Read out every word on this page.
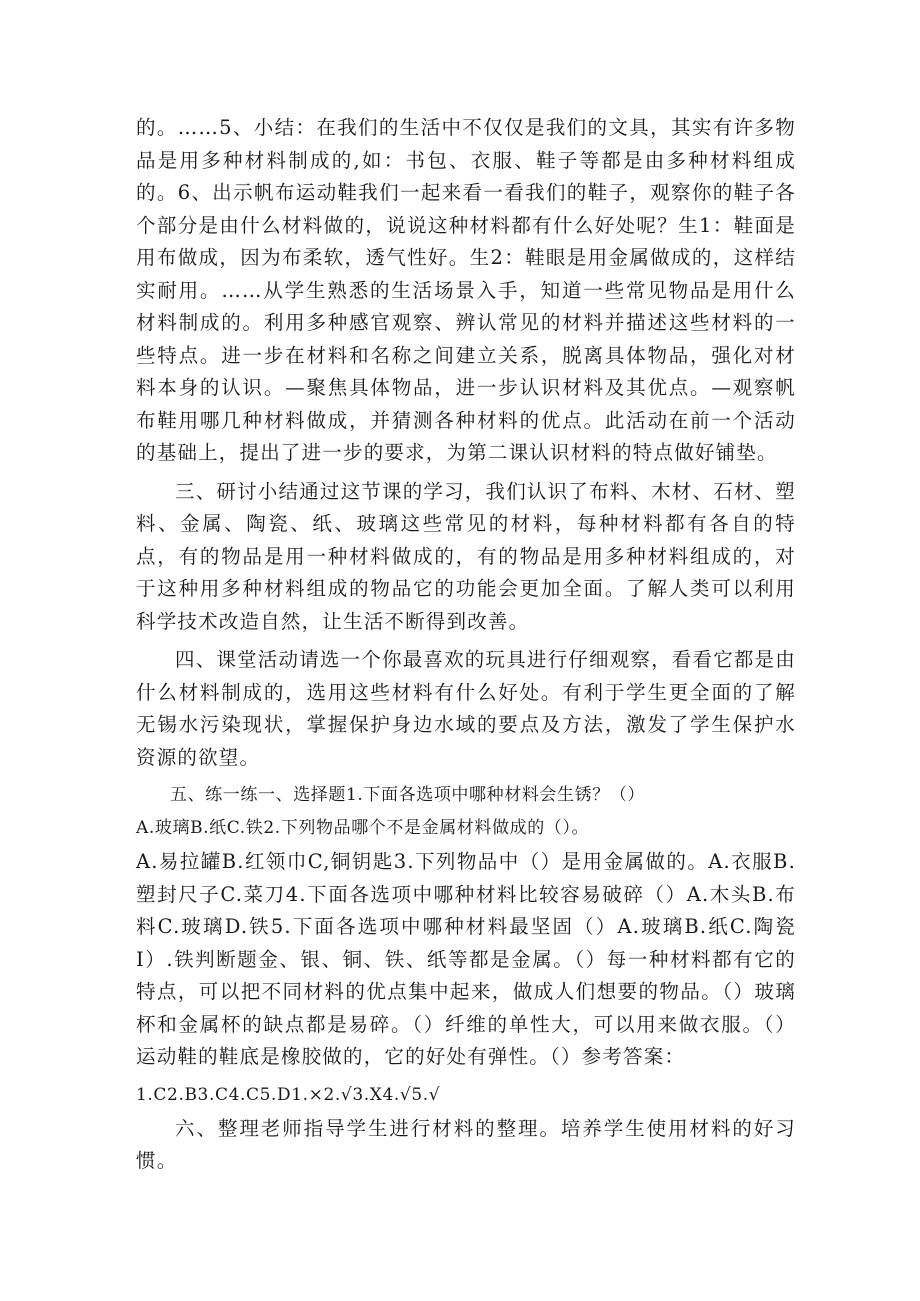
的。……5、小结：在我们的生活中不仅仅是我们的文具，其实有许多物品是用多种材料制成的,如：书包、衣服、鞋子等都是由多种材料组成的。6、出示帆布运动鞋我们一起来看一看我们的鞋子，观察你的鞋子各个部分是由什么材料做的，说说这种材料都有什么好处呢？生1：鞋面是用布做成，因为布柔软，透气性好。生2：鞋眼是用金属做成的，这样结实耐用。……从学生熟悉的生活场景入手，知道一些常见物品是用什么材料制成的。利用多种感官观察、辨认常见的材料并描述这些材料的一些特点。进一步在材料和名称之间建立关系，脱离具体物品，强化对材料本身的认识。—聚焦具体物品，进一步认识材料及其优点。—观察帆布鞋用哪几种材料做成，并猜测各种材料的优点。此活动在前一个活动的基础上，提出了进一步的要求，为第二课认识材料的特点做好铺垫。

三、研讨小结通过这节课的学习，我们认识了布料、木材、石材、塑料、金属、陶瓷、纸、玻璃这些常见的材料，每种材料都有各自的特点，有的物品是用一种材料做成的，有的物品是用多种材料组成的，对于这种用多种材料组成的物品它的功能会更加全面。了解人类可以利用科学技术改造自然，让生活不断得到改善。

四、课堂活动请选一个你最喜欢的玩具进行仔细观察，看看它都是由什么材料制成的，选用这些材料有什么好处。有利于学生更全面的了解无锡水污染现状，掌握保护身边水域的要点及方法，激发了学生保护水资源的欲望。

五、练一练一、选择题1.下面各选项中哪种材料会生锈？（）

A.玻璃B.纸C.铁2.下列物品哪个不是金属材料做成的（）。

A.易拉罐B.红领巾C,铜钥匙3.下列物品中（）是用金属做的。A.衣服B.塑封尺子C.菜刀4.下面各选项中哪种材料比较容易破碎（）A.木头B.布料C.玻璃D.铁5.下面各选项中哪种材料最坚固（）A.玻璃B.纸C.陶瓷I）.铁判断题金、银、铜、铁、纸等都是金属。（）每一种材料都有它的特点，可以把不同材料的优点集中起来，做成人们想要的物品。（）玻璃杯和金属杯的缺点都是易碎。（）纤维的单性大，可以用来做衣服。（）运动鞋的鞋底是橡胶做的，它的好处有弹性。（）参考答案：

1.C2.B3.C4.C5.D1.×2.√3.X4.√5.√

六、整理老师指导学生进行材料的整理。培养学生使用材料的好习惯。
